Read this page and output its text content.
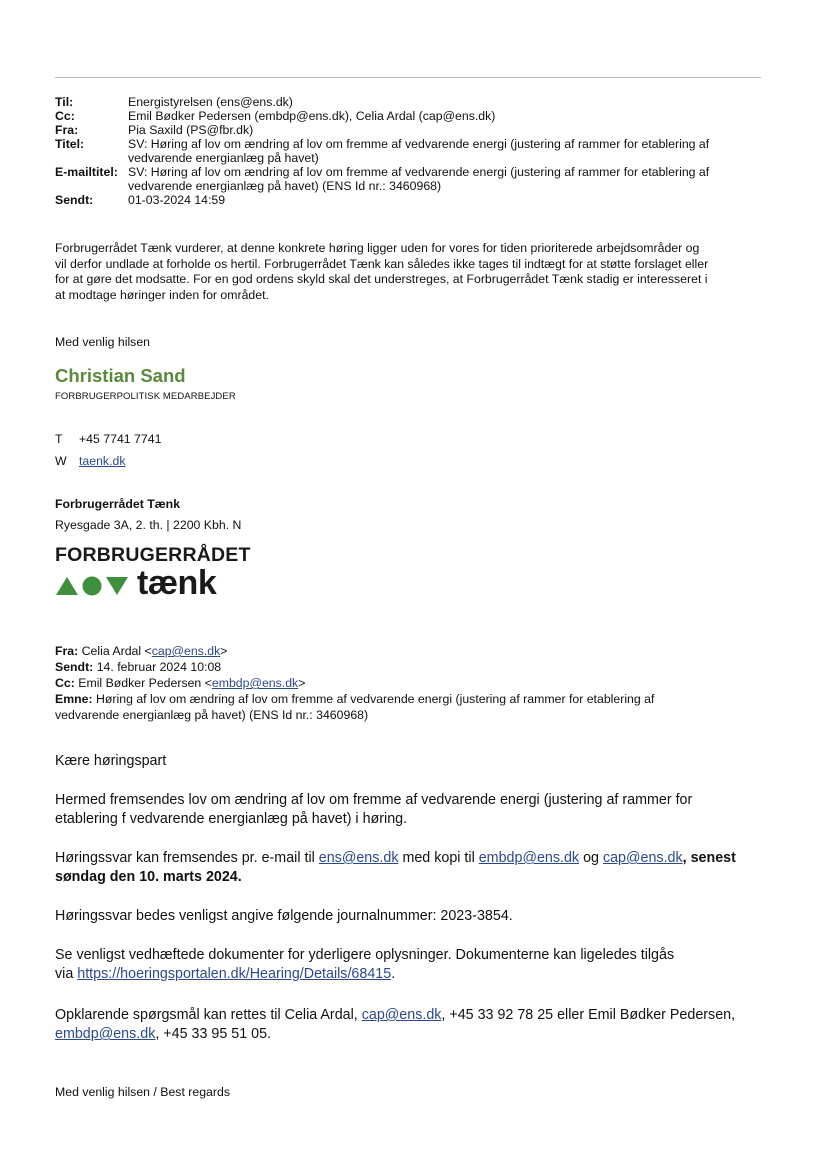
Til:	Energistyrelsen (ens@ens.dk)
Cc:	Emil Bødker Pedersen (embdp@ens.dk), Celia Ardal (cap@ens.dk)
Fra:	Pia Saxild (PS@fbr.dk)
Titel:	SV: Høring af lov om ændring af lov om fremme af vedvarende energi (justering af rammer for etablering af
vedvarende energianlæg på havet)
E-mailtitel: SV: Høring af lov om ændring af lov om fremme af vedvarende energi (justering af rammer for etablering af
vedvarende energianlæg på havet) (ENS Id nr.: 3460968)
Sendt:	01-03-2024 14:59
Forbrugerrådet Tænk vurderer, at denne konkrete høring ligger uden for vores for tiden prioriterede arbejdsområder og
vil derfor undlade at forholde os hertil. Forbrugerrådet Tænk kan således ikke tages til indtægt for at støtte forslaget eller
for at gøre det modsatte. For en god ordens skyld skal det understreges, at Forbrugerrådet Tænk stadig er interesseret i
at modtage høringer inden for området.
Med venlig hilsen
Christian Sand
FORBRUGERPOLITISK MEDARBEJDER
T +45 7741 7741
W taenk.dk
Forbrugerrådet Tænk
Ryesgade 3A, 2. th. | 2200 Kbh. N
FORBRUGERRÅDET
tænk
Fra: Celia Ardal <cap@ens.dk>
Sendt: 14. februar 2024 10:08
Cc: Emil Bødker Pedersen <embdp@ens.dk>
Emne: Høring af lov om ændring af lov om fremme af vedvarende energi (justering af rammer for etablering af
vedvarende energianlæg på havet) (ENS Id nr.: 3460968)
Kære høringspart
Hermed fremsendes lov om ændring af lov om fremme af vedvarende energi (justering af rammer for
etablering f vedvarende energianlæg på havet) i høring.
Høringssvar kan fremsendes pr. e-mail til ens@ens.dk med kopi til embdp@ens.dk og cap@ens.dk, senest
søndag den 10. marts 2024.
Høringssvar bedes venligst angive følgende journalnummer: 2023-3854.
Se venligst vedhæftede dokumenter for yderligere oplysninger. Dokumenterne kan ligeledes tilgås
via https://hoeringsportalen.dk/Hearing/Details/68415.
Opklarende spørgsmål kan rettes til Celia Ardal, cap@ens.dk, +45 33 92 78 25 eller Emil Bødker Pedersen,
embdp@ens.dk, +45 33 95 51 05.
Med venlig hilsen / Best regards
